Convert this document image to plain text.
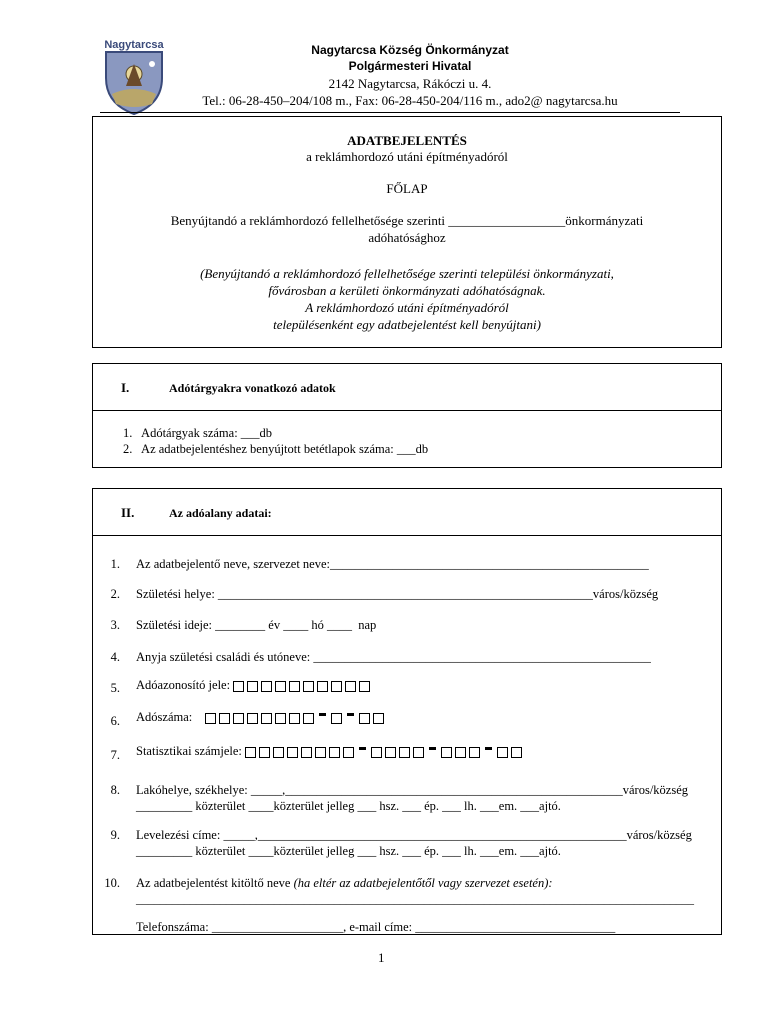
Nagytarcsa	Nagytarcsa Község Önkormányzat
Polgármesteri Hivatal
2142 Nagytarcsa, Rákóczi u. 4.
Tel.: 06-28-450–204/108 m., Fax: 06-28-450-204/116 m., ado2@ nagytarcsa.hu
ADATBEJELENTÉS
a reklámhordozó utáni építményadóról
FŐLAP
Benyújtandó a reklámhordozó fellelhetősége szerinti __________________önkormányzati
adóhatósághoz
(Benyújtandó a reklámhordozó fellelhetősége szerinti települési önkormányzati,
fővárosban a kerületi önkormányzati adóhatóságnak.
A reklámhordozó utáni építményadóról
településenként egy adatbejelentést kell benyújtani)
I.	Adótárgyakra vonatkozó adatok
1.   Adótárgyak száma: ___db
2.   Az adatbejelentéshez benyújtott betétlapok száma: ___db
II.	Az adóalany adatai:
1. Az adatbejelentő neve, szervezet neve:___________________________________________________
2. Születési helye: ____________________________________________________________város/község
3. Születési ideje: ________ év ____ hó ____  nap
4. Anyja születési családi és utóneve: ______________________________________________________
5. Adóazonosító jele:
6. Adószáma:
7. Statisztikai számjele:
8. Lakóhelye, székhelye: _____,______________________________________________________város/község
_________ közterület ____közterület jelleg ___ hsz. ___ ép. ___ lh. ___em. ___ajtó.
9. Levelezési címe: _____,___________________________________________________________város/község
_________ közterület ____közterület jelleg ___ hsz. ___ ép. ___ lh. ___em. ___ajtó.
10. Az adatbejelentést kitöltő neve (ha eltér az adatbejelentőtől vagy szervezet esetén):
_____________________________________________________________________________________________
Telefonszáma: _____________________, e-mail címe: ________________________________
1
